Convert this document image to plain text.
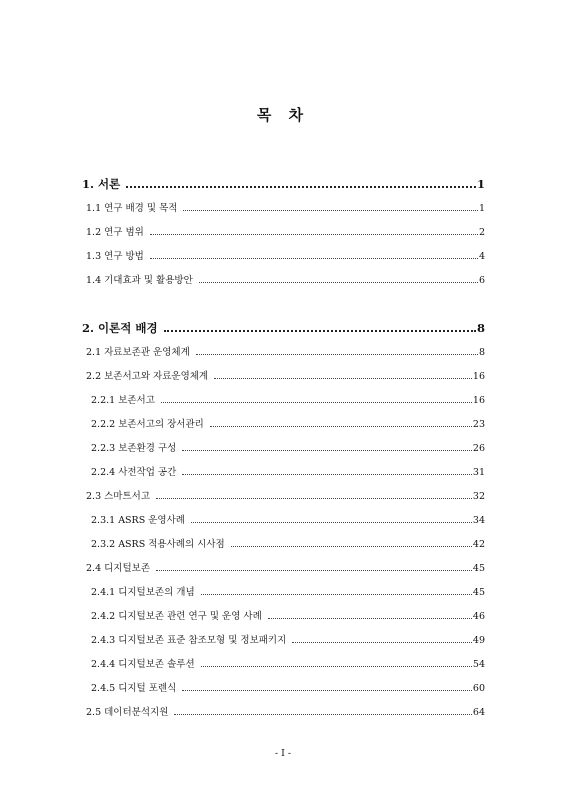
목 차
1. 서론	1
1.1 연구 배경 및 목적	1
1.2 연구 범위	2
1.3 연구 방법	4
1.4 기대효과 및 활용방안	6
2. 이론적 배경	8
2.1 자료보존관 운영체계	8
2.2 보존서고와 자료운영체계	16
2.2.1 보존서고	16
2.2.2 보존서고의 장서관리	23
2.2.3 보존환경 구성	26
2.2.4 사전작업 공간	31
2.3 스마트서고	32
2.3.1 ASRS 운영사례	34
2.3.2 ASRS 적용사례의 시사점	42
2.4 디지털보존	45
2.4.1 디지털보존의 개념	45
2.4.2 디지털보존 관련 연구 및 운영 사례	46
2.4.3 디지털보존 표준 참조모형 및 정보패키지	49
2.4.4 디지털보존 솔루션	54
2.4.5 디지털 포렌식	60
2.5 데이터분석지원	64
- I -
